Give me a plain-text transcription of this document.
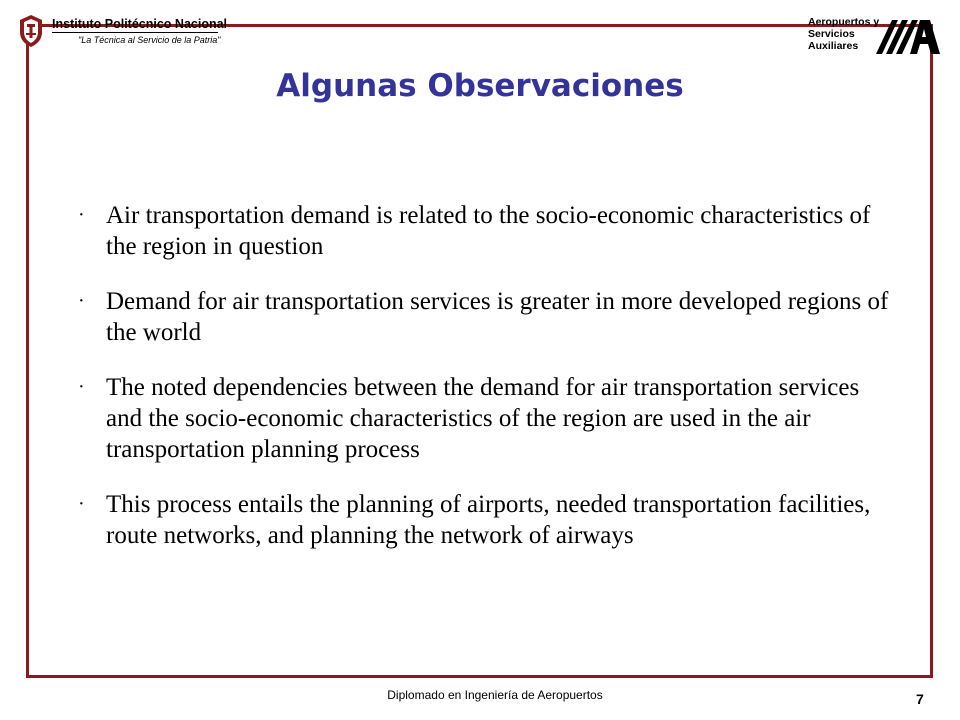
Instituto Politécnico Nacional
"La Técnica al Servicio de la Patria"
Aeropuertos y
Servicios
Auxiliares
Algunas Observaciones
· Air transportation demand is related to the socio-economic characteristics of the region in question
· Demand for air transportation services is greater in more developed regions of the world
· The noted dependencies between the demand for air transportation services and the socio-economic characteristics of the region are used in the air transportation planning process
· This process entails the planning of airports, needed transportation facilities, route networks, and planning the network of airways
Diplomado en Ingeniería de Aeropuertos	7
